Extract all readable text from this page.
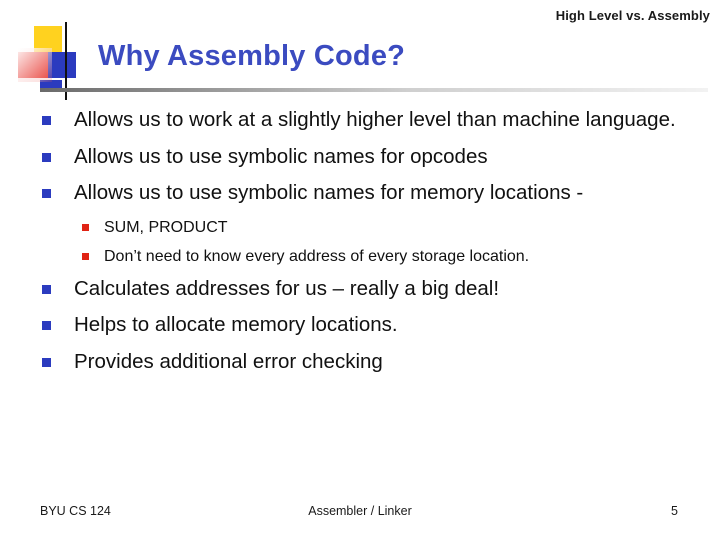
High Level vs. Assembly
Why Assembly Code?
Allows us to work at a slightly higher level than machine language.
Allows us to use symbolic names for opcodes
Allows us to use symbolic names for memory locations -
SUM, PRODUCT
Don’t need to know every address of every storage location.
Calculates addresses for us – really a big deal!
Helps to allocate memory locations.
Provides additional error checking
BYU CS 124	Assembler / Linker	5
